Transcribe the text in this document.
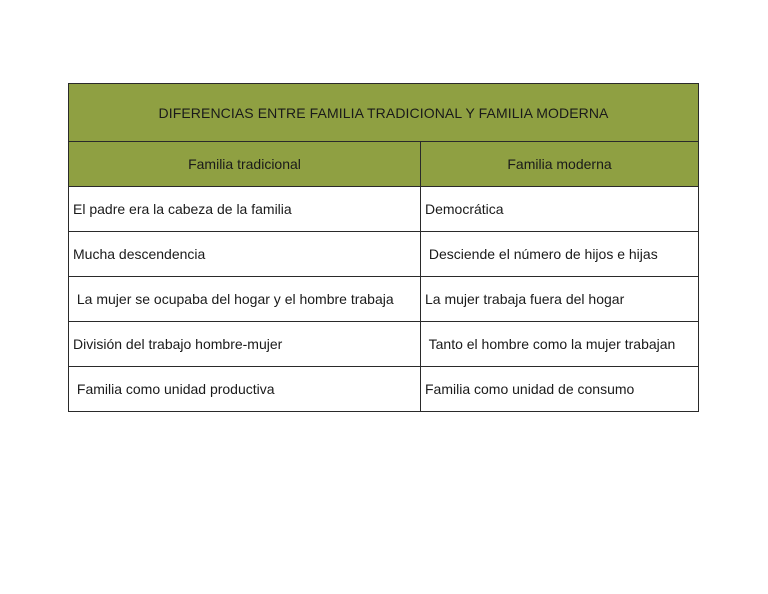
DIFERENCIAS ENTRE FAMILIA TRADICIONAL Y FAMILIA MODERNA	
Familia tradicional	Familia moderna
El padre era la cabeza de la familia	Democrática
Mucha descendencia	Desciende el número de hijos e hijas
La mujer se ocupaba del hogar y el hombre trabaja	La mujer trabaja fuera del hogar
División del trabajo hombre-mujer	Tanto el hombre como la mujer trabajan
Familia como unidad productiva	Familia como unidad de consumo
